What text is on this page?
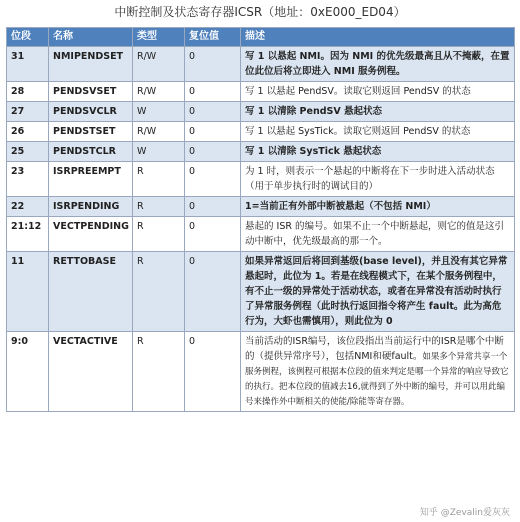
中断控制及状态寄存器ICSR（地址：0xE000_ED04）
位段	名称	类型	复位值	描述
31	NMIPENDSET	R/W	0	写 1 以悬起 NMI。因为 NMI 的优先级最高且从不掩蔽，在置位此位后将立即进入 NMI 服务例程。
28	PENDSVSET	R/W	0	写 1 以悬起 PendSV。读取它则返回 PendSV 的状态
27	PENDSVCLR	W	0	写 1 以清除 PendSV 悬起状态
26	PENDSTSET	R/W	0	写 1 以悬起 SysTick。读取它则返回 PendSV 的状态
25	PENDSTCLR	W	0	写 1 以清除 SysTick 悬起状态
23	ISRPREEMPT	R	0	为 1 时，则表示一个悬起的中断将在下一步时进入活动状态（用于单步执行时的调试目的）
22	ISRPENDING	R	0	1=当前正有外部中断被悬起（不包括 NMI）
21:12	VECTPENDING	R	0	悬起的 ISR 的编号。如果不止一个中断悬起，则它的值是这引动中断中，优先级最高的那一个。
11	RETTOBASE	R	0	如果异常返回后将回到基级(base level)，并且没有其它异常悬起时，此位为 1。若是在线程模式下，在某个服务例程中，有不止一级的异常处于活动状态，或者在异常没有活动时执行了异常服务例程（此时执行返回指令将产生 fault。此为高危行为，大虾也需慎用），则此位为 0
9:0	VECTACTIVE	R	0	当前活动的ISR编号，该位段指出当前运行中的ISR是哪个中断的（提供异常序号），包括NMI和硬fault。如果多个异常共享一个服务例程，该例程可根据本位段的值来判定是哪一个异常的响应导致它的执行。把本位段的值减去16,就得到了外中断的编号，并可以用此编号来操作外中断相关的使能/除能等寄存器。
知乎 @Zevalin爱灰灰
